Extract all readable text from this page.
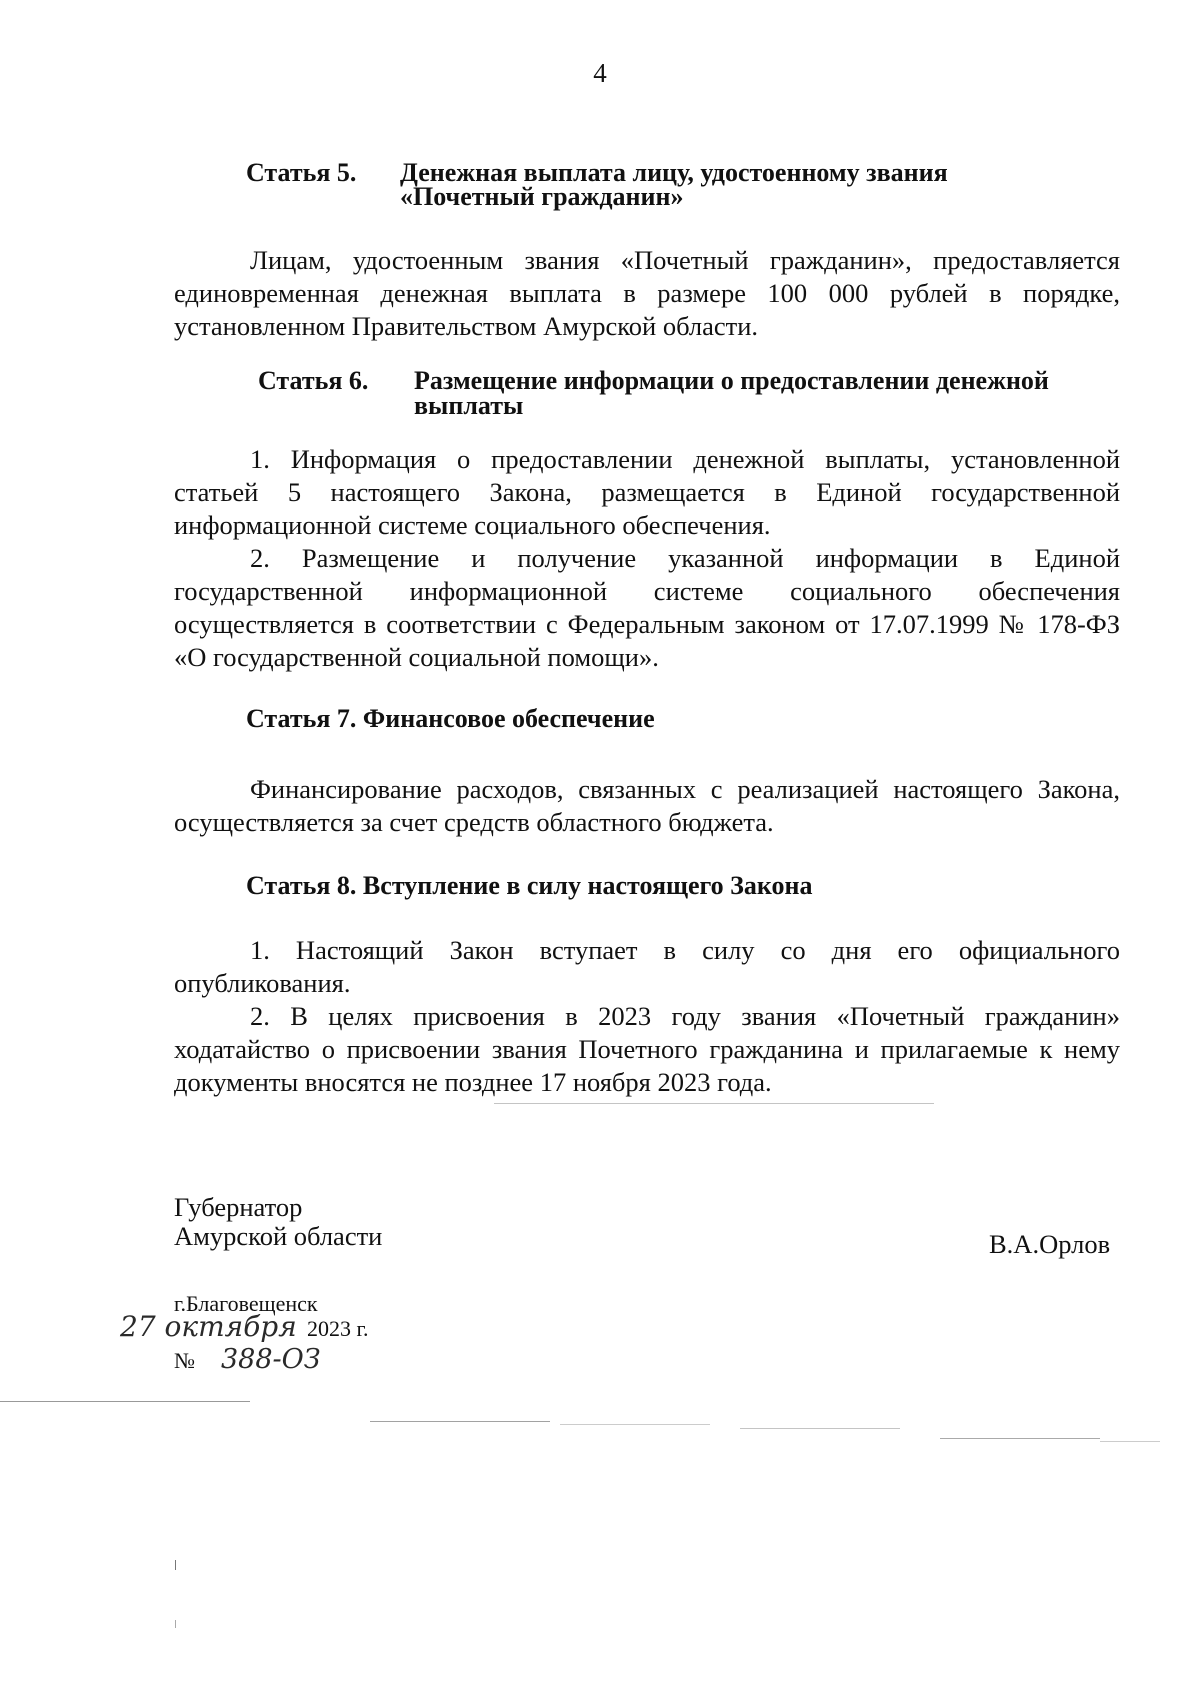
4
Статья 5. Денежная выплата лицу, удостоенному звания
«Почетный гражданин»

Лицам, удостоенным звания «Почетный гражданин», предоставляется единовременная денежная выплата в размере 100 000 рублей в порядке, установленном Правительством Амурской области.

Статья 6. Размещение информации о предоставлении денежной
выплаты

1. Информация о предоставлении денежной выплаты, установленной статьей 5 настоящего Закона, размещается в Единой государственной информационной системе социального обеспечения.

2. Размещение и получение указанной информации в Единой государственной информационной системе социального обеспечения осуществляется в соответствии с Федеральным законом от 17.07.1999 № 178-ФЗ «О государственной социальной помощи».

Статья 7. Финансовое обеспечение

Финансирование расходов, связанных с реализацией настоящего Закона, осуществляется за счет средств областного бюджета.

Статья 8. Вступление в силу настоящего Закона

1. Настоящий Закон вступает в силу со дня его официального опубликования.

2. В целях присвоения в 2023 году звания «Почетный гражданин» ходатайство о присвоении звания Почетного гражданина и прилагаемые к нему документы вносятся не позднее 17 ноября 2023 года.

Губернатор
Амурской области	В.А.Орлов
г.Благовещенск
27 октября 2023 г.
№ 388-ОЗ
